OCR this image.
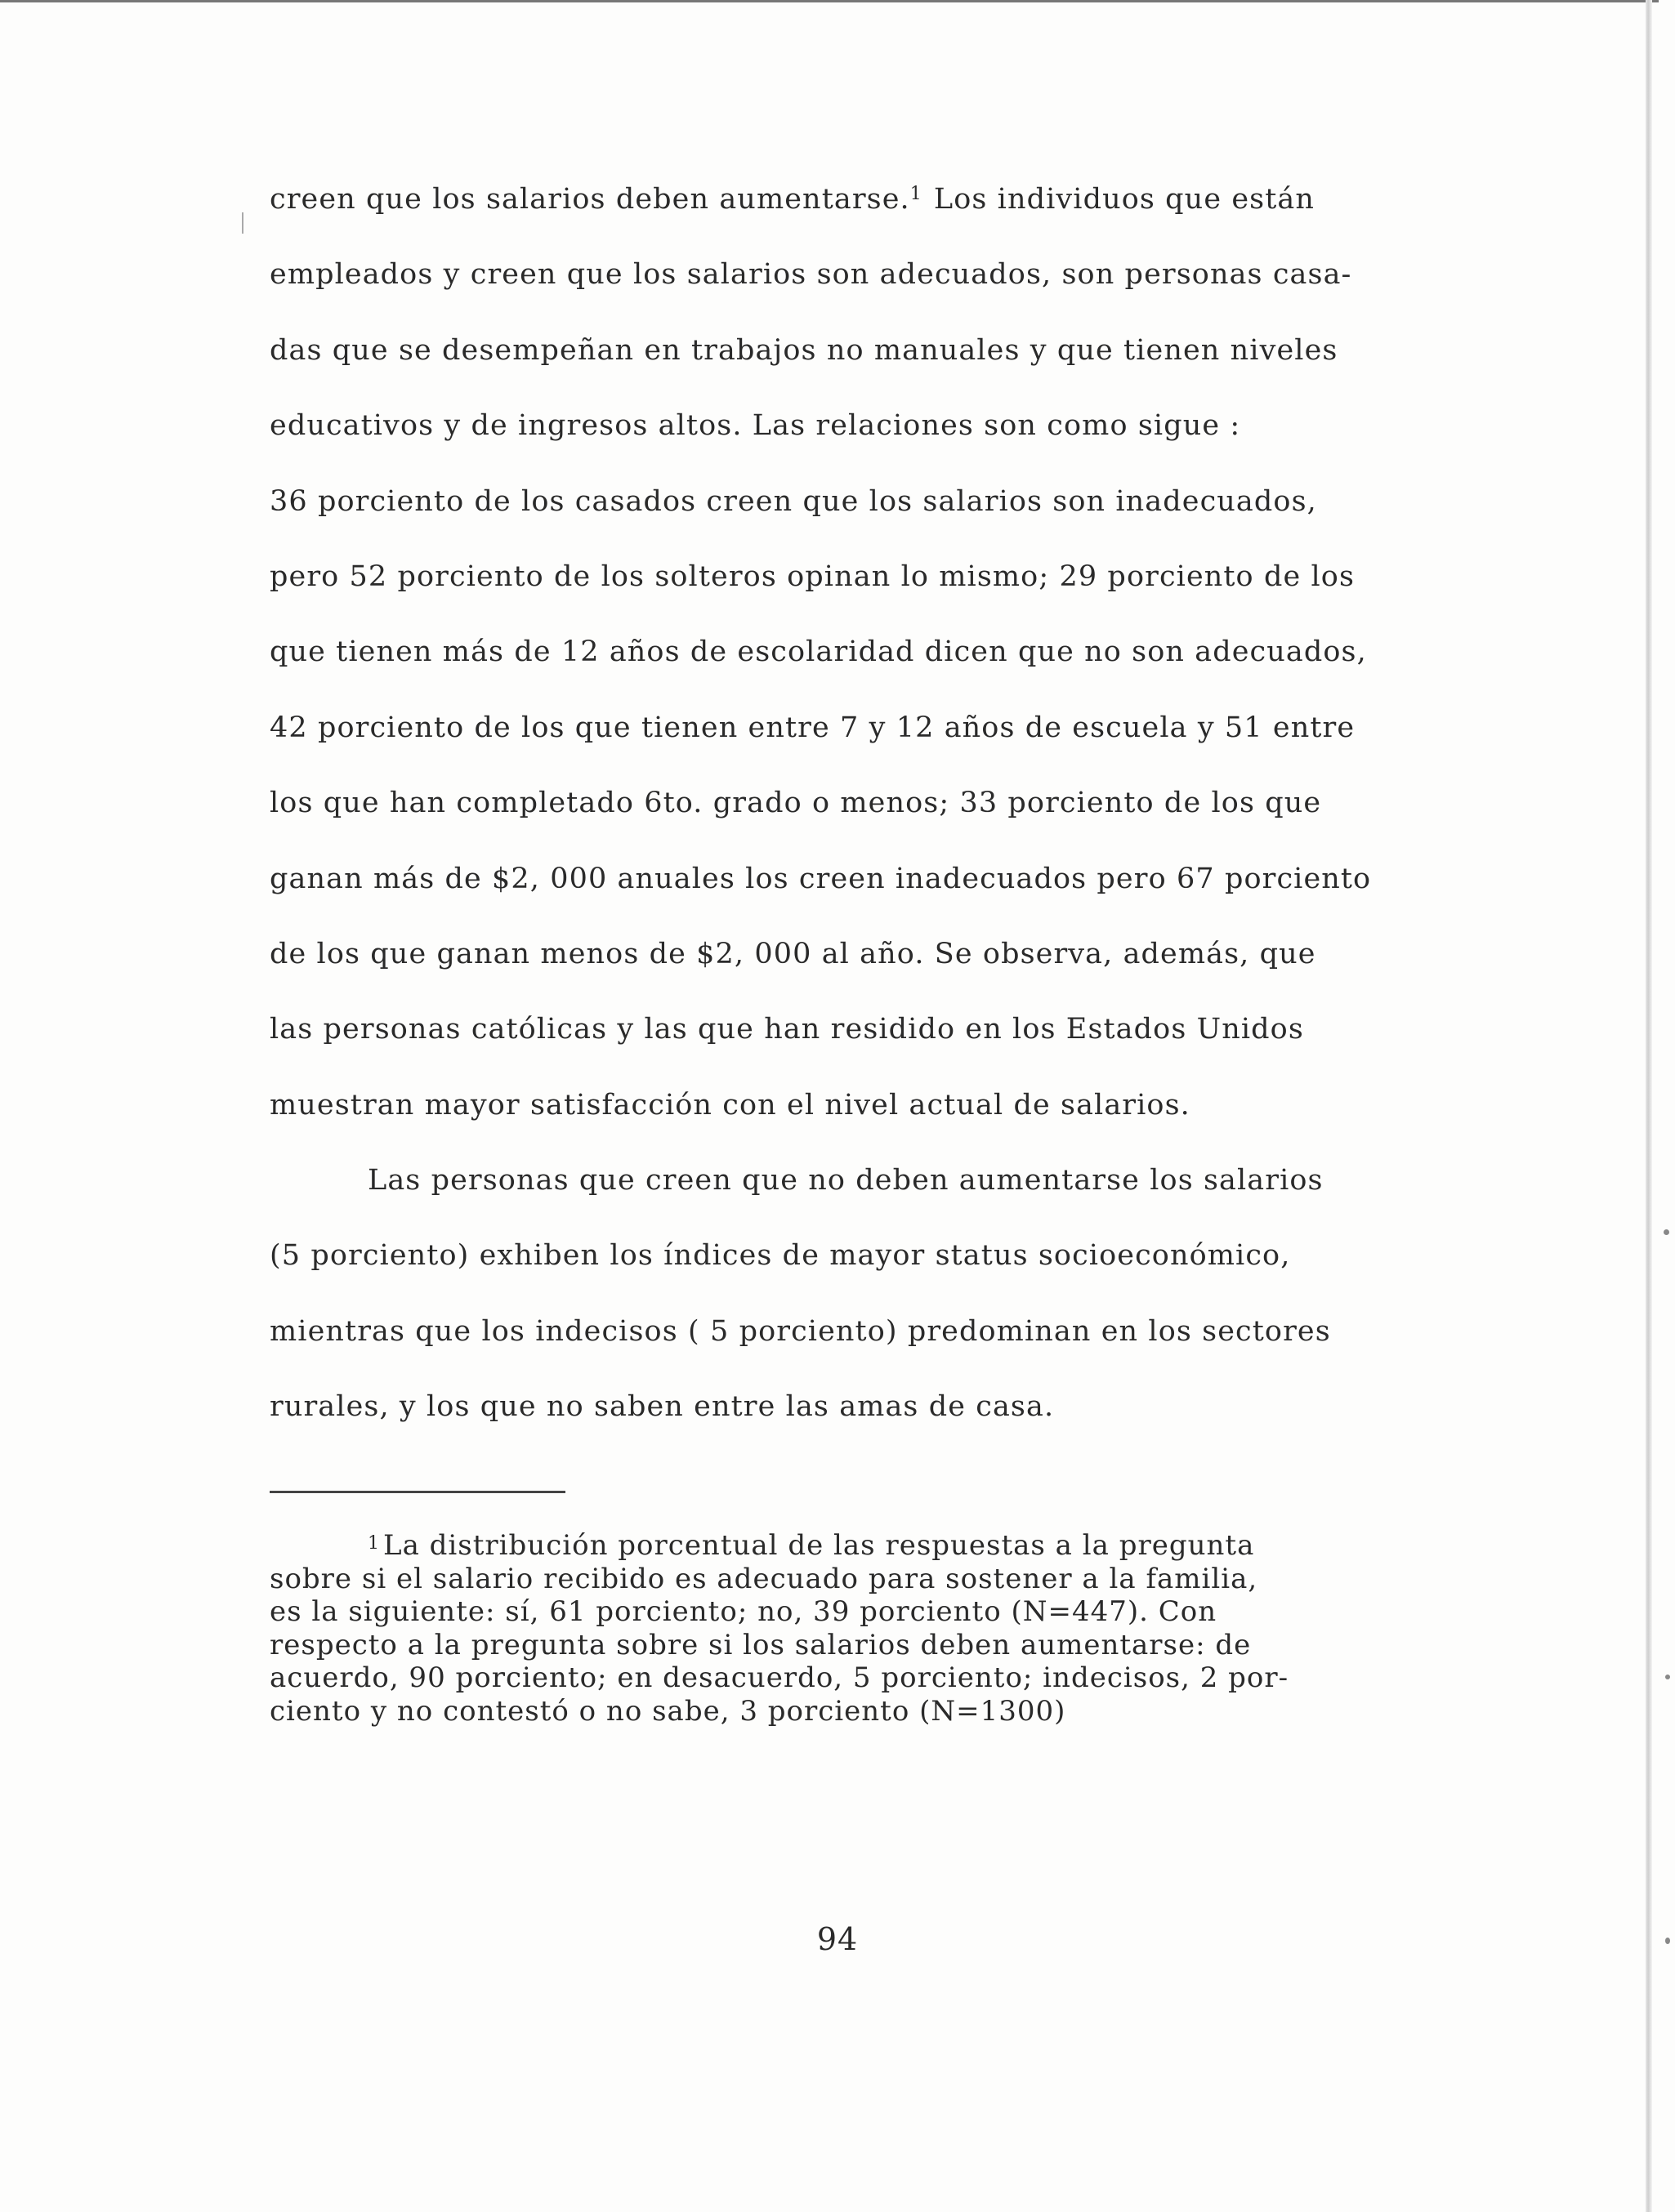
creen que los salarios deben aumentarse.$^1$ Los individuos que están
empleados y creen que los salarios son adecuados, son personas casa-
das que se desempeñan en trabajos no manuales y que tienen niveles
educativos y de ingresos altos. Las relaciones son como sigue :
36 porciento de los casados creen que los salarios son inadecuados,
pero 52 porciento de los solteros opinan lo mismo; 29 porciento de los
que tienen más de 12 años de escolaridad dicen que no son adecuados,
42 porciento de los que tienen entre 7 y 12 años de escuela y 51 entre
los que han completado 6to. grado o menos; 33 porciento de los que
ganan más de $2, 000 anuales los creen inadecuados pero 67 porciento
de los que ganan menos de $2, 000 al año. Se observa, además, que
las personas católicas y las que han residido en los Estados Unidos
muestran mayor satisfacción con el nivel actual de salarios.
Las personas que creen que no deben aumentarse los salarios
(5 porciento) exhiben los índices de mayor status socioeconómico,
mientras que los indecisos ( 5 porciento) predominan en los sectores
rurales, y los que no saben entre las amas de casa.
$^1$ La distribución porcentual de las respuestas a la pregunta
sobre si el salario recibido es adecuado para sostener a la familia,
es la siguiente: sí, 61 porciento; no, 39 porciento (N=447). Con
respecto a la pregunta sobre si los salarios deben aumentarse: de
acuerdo, 90 porciento; en desacuerdo, 5 porciento; indecisos, 2 por-
ciento y no contestó o no sabe, 3 porciento (N=1300)
94
